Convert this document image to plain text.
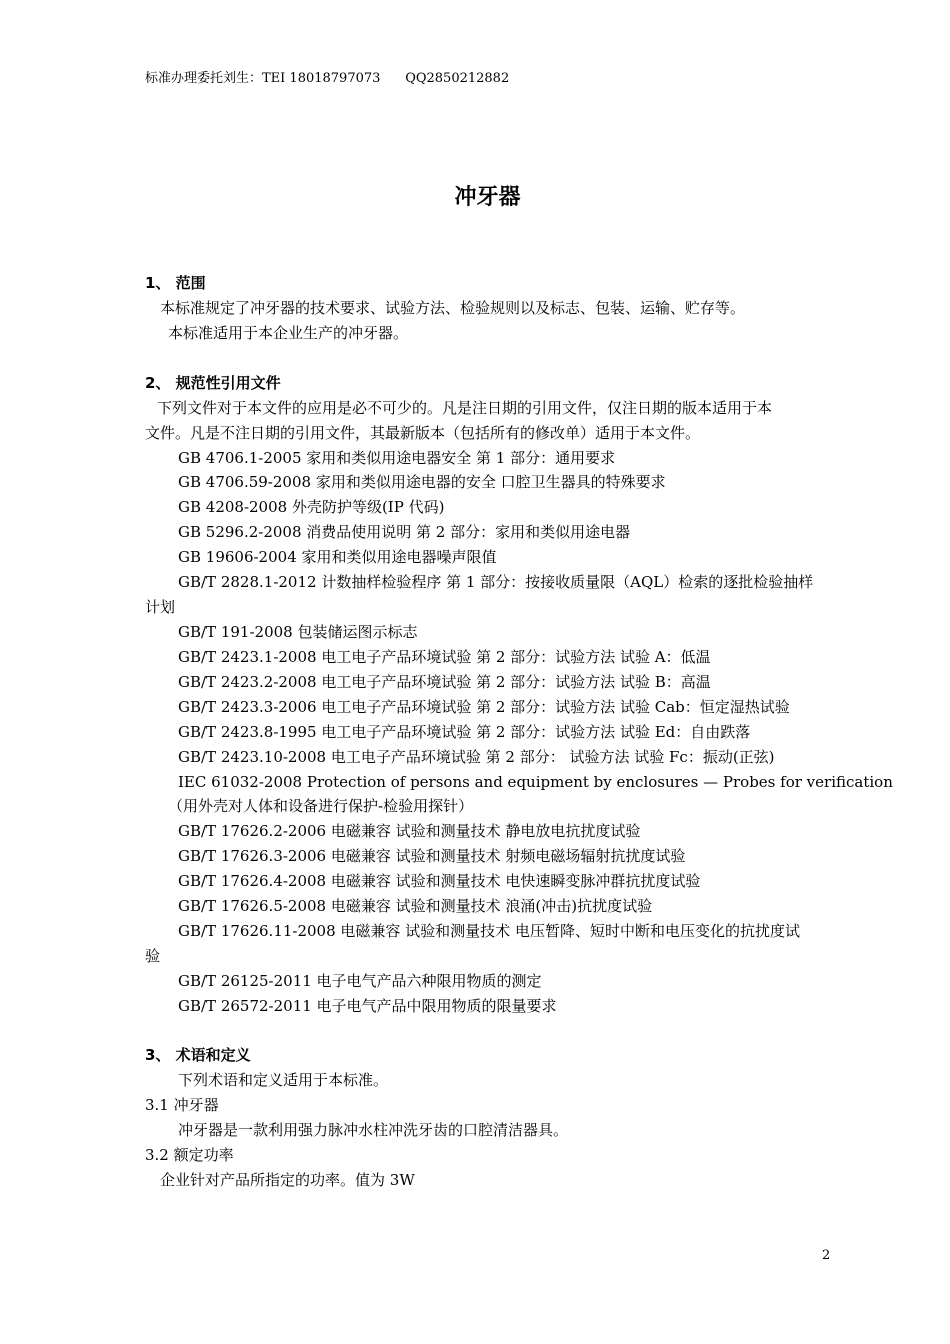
标准办理委托刘生：TEI 18018797073      QQ2850212882
冲牙器
1、 范围
本标准规定了冲牙器的技术要求、试验方法、检验规则以及标志、包装、运输、贮存等。
本标准适用于本企业生产的冲牙器。
2、 规范性引用文件
下列文件对于本文件的应用是必不可少的。凡是注日期的引用文件，仅注日期的版本适用于本
文件。凡是不注日期的引用文件，其最新版本（包括所有的修改单）适用于本文件。
GB 4706.1-2005 家用和类似用途电器安全 第 1 部分：通用要求
GB 4706.59-2008 家用和类似用途电器的安全 口腔卫生器具的特殊要求
GB 4208-2008 外壳防护等级(IP 代码)
GB 5296.2-2008 消费品使用说明 第 2 部分：家用和类似用途电器
GB 19606-2004 家用和类似用途电器噪声限值
GB/T 2828.1-2012 计数抽样检验程序 第 1 部分：按接收质量限（AQL）检索的逐批检验抽样
计划
GB/T 191-2008 包装储运图示标志
GB/T 2423.1-2008 电工电子产品环境试验 第 2 部分：试验方法 试验 A：低温
GB/T 2423.2-2008 电工电子产品环境试验 第 2 部分：试验方法 试验 B：高温
GB/T 2423.3-2006 电工电子产品环境试验 第 2 部分：试验方法 试验 Cab：恒定湿热试验
GB/T 2423.8-1995 电工电子产品环境试验 第 2 部分：试验方法 试验 Ed：自由跌落
GB/T 2423.10-2008 电工电子产品环境试验 第 2 部分： 试验方法 试验 Fc：振动(正弦)
IEC 61032-2008 Protection of persons and equipment by enclosures — Probes for verification
（用外壳对人体和设备进行保护-检验用探针）
GB/T 17626.2-2006 电磁兼容 试验和测量技术 静电放电抗扰度试验
GB/T 17626.3-2006 电磁兼容 试验和测量技术 射频电磁场辐射抗扰度试验
GB/T 17626.4-2008 电磁兼容 试验和测量技术 电快速瞬变脉冲群抗扰度试验
GB/T 17626.5-2008 电磁兼容 试验和测量技术 浪涌(冲击)抗扰度试验
GB/T 17626.11-2008 电磁兼容 试验和测量技术 电压暂降、短时中断和电压变化的抗扰度试
验
GB/T 26125-2011 电子电气产品六种限用物质的测定
GB/T 26572-2011 电子电气产品中限用物质的限量要求
3、 术语和定义
下列术语和定义适用于本标准。
3.1 冲牙器
冲牙器是一款利用强力脉冲水柱冲洗牙齿的口腔清洁器具。
3.2 额定功率
企业针对产品所指定的功率。值为 3W
2
